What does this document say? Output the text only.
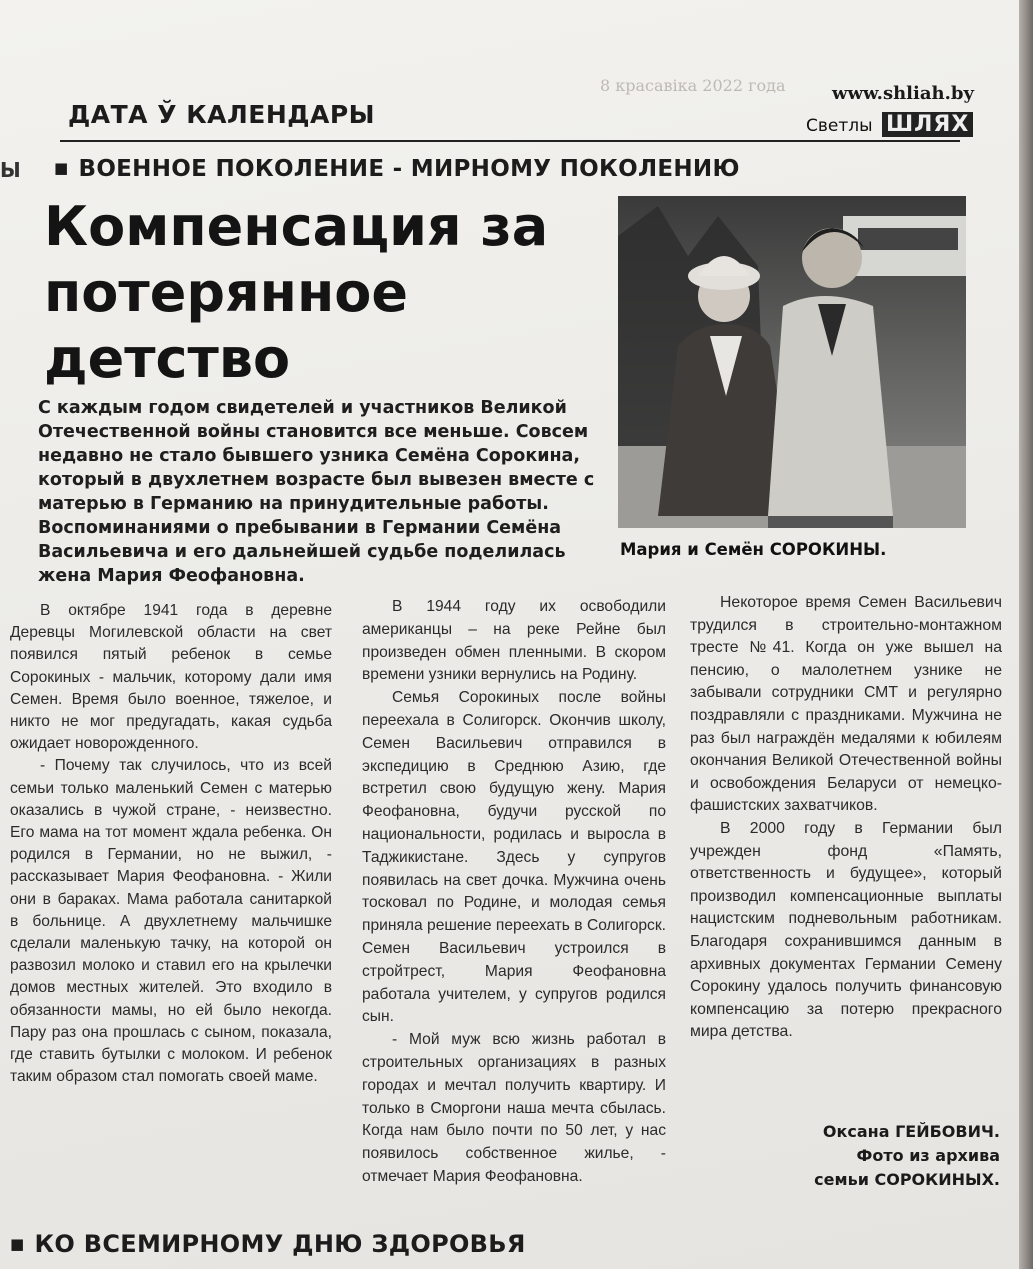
8 красавіка 2022 года
ДАТА Ў КАЛЕНДАРЫ
www.shliah.by
Светлы ШЛЯХ
Ы
■	ВОЕННОЕ ПОКОЛЕНИЕ - МИРНОМУ ПОКОЛЕНИЮ
Компенсация за потерянное детство
Мария и Семён СОРОКИНЫ.

С каждым годом свидетелей и участников Великой Отечественной войны становится все меньше. Совсем недавно не стало бывшего узника Семёна Сорокина, который в двухлетнем возрасте был вывезен вместе с матерью в Германию на принудительные работы. Воспоминаниями о пребывании в Германии Семёна Васильевича и его дальнейшей судьбе поделилась жена Мария Феофановна.

В октябре 1941 года в деревне Деревцы Могилевской области на свет появился пятый ребенок в семье Сорокиных - мальчик, которому дали имя Семен. Время было военное, тяжелое, и никто не мог предугадать, какая судьба ожидает новорожденного.

- Почему так случилось, что из всей семьи только маленький Семен с матерью оказались в чужой стране, - неизвестно. Его мама на тот момент ждала ребенка. Он родился в Германии, но не выжил, - рассказывает Мария Феофановна. - Жили они в бараках. Мама работала санитаркой в больнице. А двухлетнему мальчишке сделали маленькую тачку, на которой он развозил молоко и ставил его на крылечки домов местных жителей. Это входило в обязанности мамы, но ей было некогда. Пару раз она прошлась с сыном, показала, где ставить бутылки с молоком. И ребенок таким образом стал помогать своей маме.

В 1944 году их освободили американцы – на реке Рейне был произведен обмен пленными. В скором времени узники вернулись на Родину.

Семья Сорокиных после войны переехала в Солигорск. Окончив школу, Семен Васильевич отправился в экспедицию в Среднюю Азию, где встретил свою будущую жену. Мария Феофановна, будучи русской по национальности, родилась и выросла в Таджикистане. Здесь у супругов появилась на свет дочка. Мужчина очень тосковал по Родине, и молодая семья приняла решение переехать в Солигорск. Семен Васильевич устроился в стройтрест, Мария Феофановна работала учителем, у супругов родился сын.

- Мой муж всю жизнь работал в строительных организациях в разных городах и мечтал получить квартиру. И только в Сморгони наша мечта сбылась. Когда нам было почти по 50 лет, у нас появилось собственное жилье, - отмечает Мария Феофановна.

Некоторое время Семен Васильевич трудился в строительно-монтажном тресте №41. Когда он уже вышел на пенсию, о малолетнем узнике не забывали сотрудники СМТ и регулярно поздравляли с праздниками. Мужчина не раз был награждён медалями к юбилеям окончания Великой Отечественной войны и освобождения Беларуси от немецко-фашистских захватчиков.

В 2000 году в Германии был учрежден фонд «Память, ответственность и будущее», который производил компенсационные выплаты нацистским подневольным работникам. Благодаря сохранившимся данным в архивных документах Германии Семену Сорокину удалось получить финансовую компенсацию за потерю прекрасного мира детства.

Оксана ГЕЙБОВИЧ.
Фото из архива
семьи СОРОКИНЫХ.
■ КО ВСЕМИРНОМУ ДНЮ ЗДОРОВЬЯ
